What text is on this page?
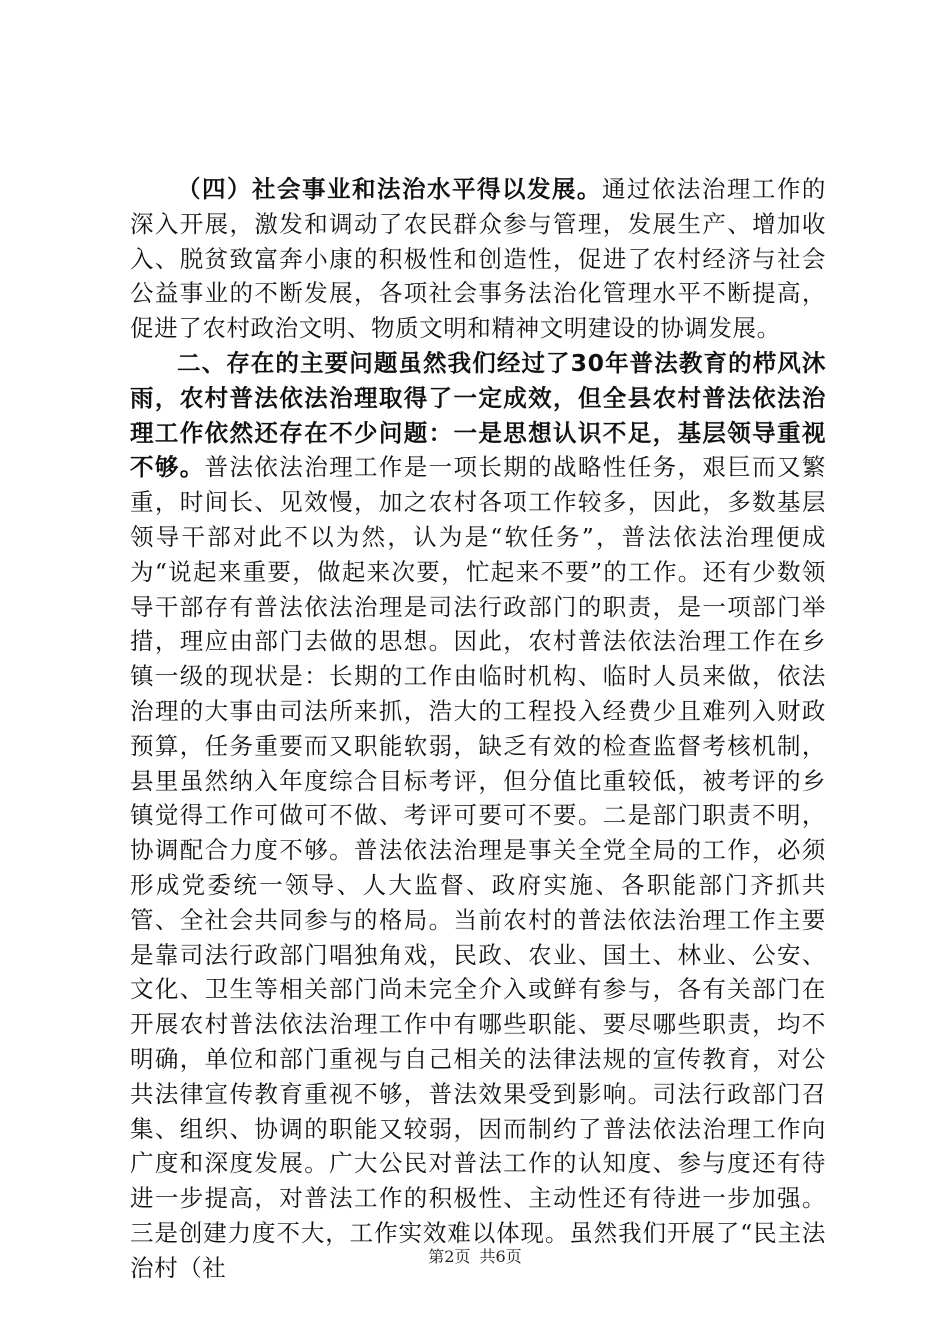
（四）社会事业和法治水平得以发展。通过依法治理工作的深入开展，激发和调动了农民群众参与管理，发展生产、增加收入、脱贫致富奔小康的积极性和创造性，促进了农村经济与社会公益事业的不断发展，各项社会事务法治化管理水平不断提高，促进了农村政治文明、物质文明和精神文明建设的协调发展。

二、存在的主要问题虽然我们经过了30年普法教育的栉风沐雨，农村普法依法治理取得了一定成效，但全县农村普法依法治理工作依然还存在不少问题：一是思想认识不足，基层领导重视不够。普法依法治理工作是一项长期的战略性任务，艰巨而又繁重，时间长、见效慢，加之农村各项工作较多，因此，多数基层领导干部对此不以为然，认为是“软任务”，普法依法治理便成为“说起来重要，做起来次要，忙起来不要”的工作。还有少数领导干部存有普法依法治理是司法行政部门的职责，是一项部门举措，理应由部门去做的思想。因此，农村普法依法治理工作在乡镇一级的现状是：长期的工作由临时机构、临时人员来做，依法治理的大事由司法所来抓，浩大的工程投入经费少且难列入财政预算，任务重要而又职能软弱，缺乏有效的检查监督考核机制，县里虽然纳入年度综合目标考评，但分值比重较低，被考评的乡镇觉得工作可做可不做、考评可要可不要。二是部门职责不明，协调配合力度不够。普法依法治理是事关全党全局的工作，必须形成党委统一领导、人大监督、政府实施、各职能部门齐抓共管、全社会共同参与的格局。当前农村的普法依法治理工作主要是靠司法行政部门唱独角戏，民政、农业、国土、林业、公安、文化、卫生等相关部门尚未完全介入或鲜有参与，各有关部门在开展农村普法依法治理工作中有哪些职能、要尽哪些职责，均不明确，单位和部门重视与自己相关的法律法规的宣传教育，对公共法律宣传教育重视不够，普法效果受到影响。司法行政部门召集、组织、协调的职能又较弱，因而制约了普法依法治理工作向广度和深度发展。广大公民对普法工作的认知度、参与度还有待进一步提高，对普法工作的积极性、主动性还有待进一步加强。三是创建力度不大，工作实效难以体现。虽然我们开展了“民主法治村（社	第2页 共6页
